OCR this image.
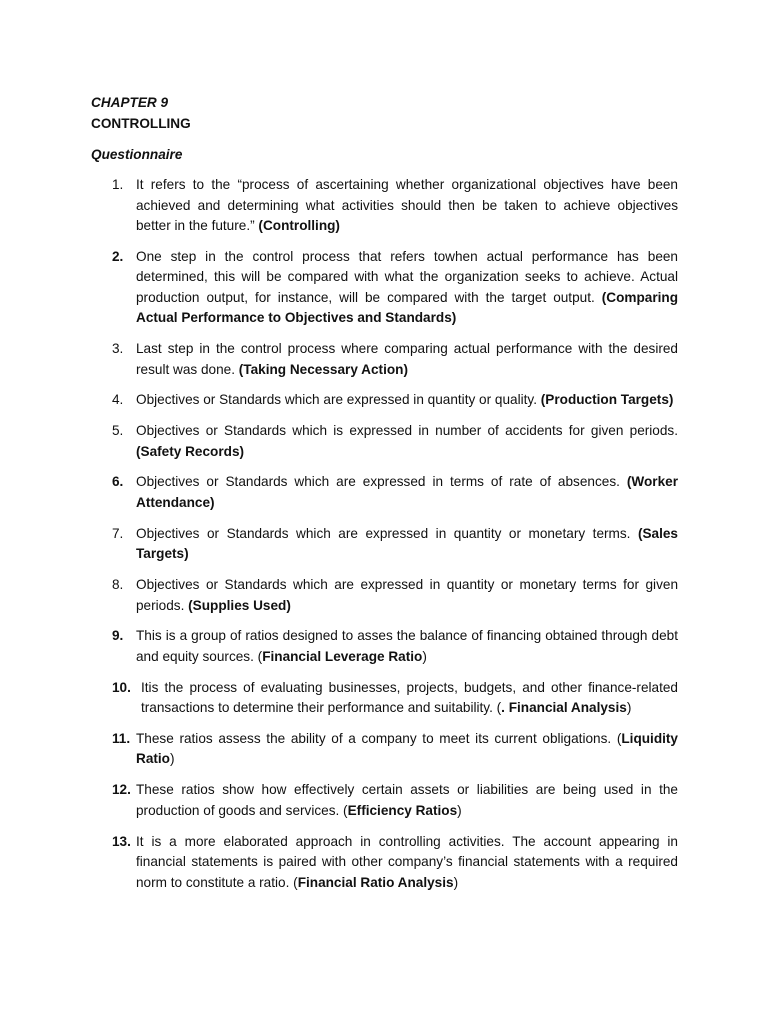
CHAPTER 9
CONTROLLING
Questionnaire
1. It refers to the “process of ascertaining whether organizational objectives have been achieved and determining what activities should then be taken to achieve objectives better in the future.” (Controlling)
2. One step in the control process that refers towhen actual performance has been determined, this will be compared with what the organization seeks to achieve. Actual production output, for instance, will be compared with the target output. (Comparing Actual Performance to Objectives and Standards)
3. Last step in the control process where comparing actual performance with the desired result was done. (Taking Necessary Action)
4. Objectives or Standards which are expressed in quantity or quality. (Production Targets)
5. Objectives or Standards which is expressed in number of accidents for given periods. (Safety Records)
6. Objectives or Standards which are expressed in terms of rate of absences. (Worker Attendance)
7. Objectives or Standards which are expressed in quantity or monetary terms. (Sales Targets)
8. Objectives or Standards which are expressed in quantity or monetary terms for given periods. (Supplies Used)
9. This is a group of ratios designed to asses the balance of financing obtained through debt and equity sources. (Financial Leverage Ratio)
10. Itis the process of evaluating businesses, projects, budgets, and other finance-related transactions to determine their performance and suitability. (. Financial Analysis)
11. These ratios assess the ability of a company to meet its current obligations. (Liquidity Ratio)
12. These ratios show how effectively certain assets or liabilities are being used in the production of goods and services. (Efficiency Ratios)
13. It is a more elaborated approach in controlling activities. The account appearing in financial statements is paired with other company’s financial statements with a required norm to constitute a ratio. (Financial Ratio Analysis)
